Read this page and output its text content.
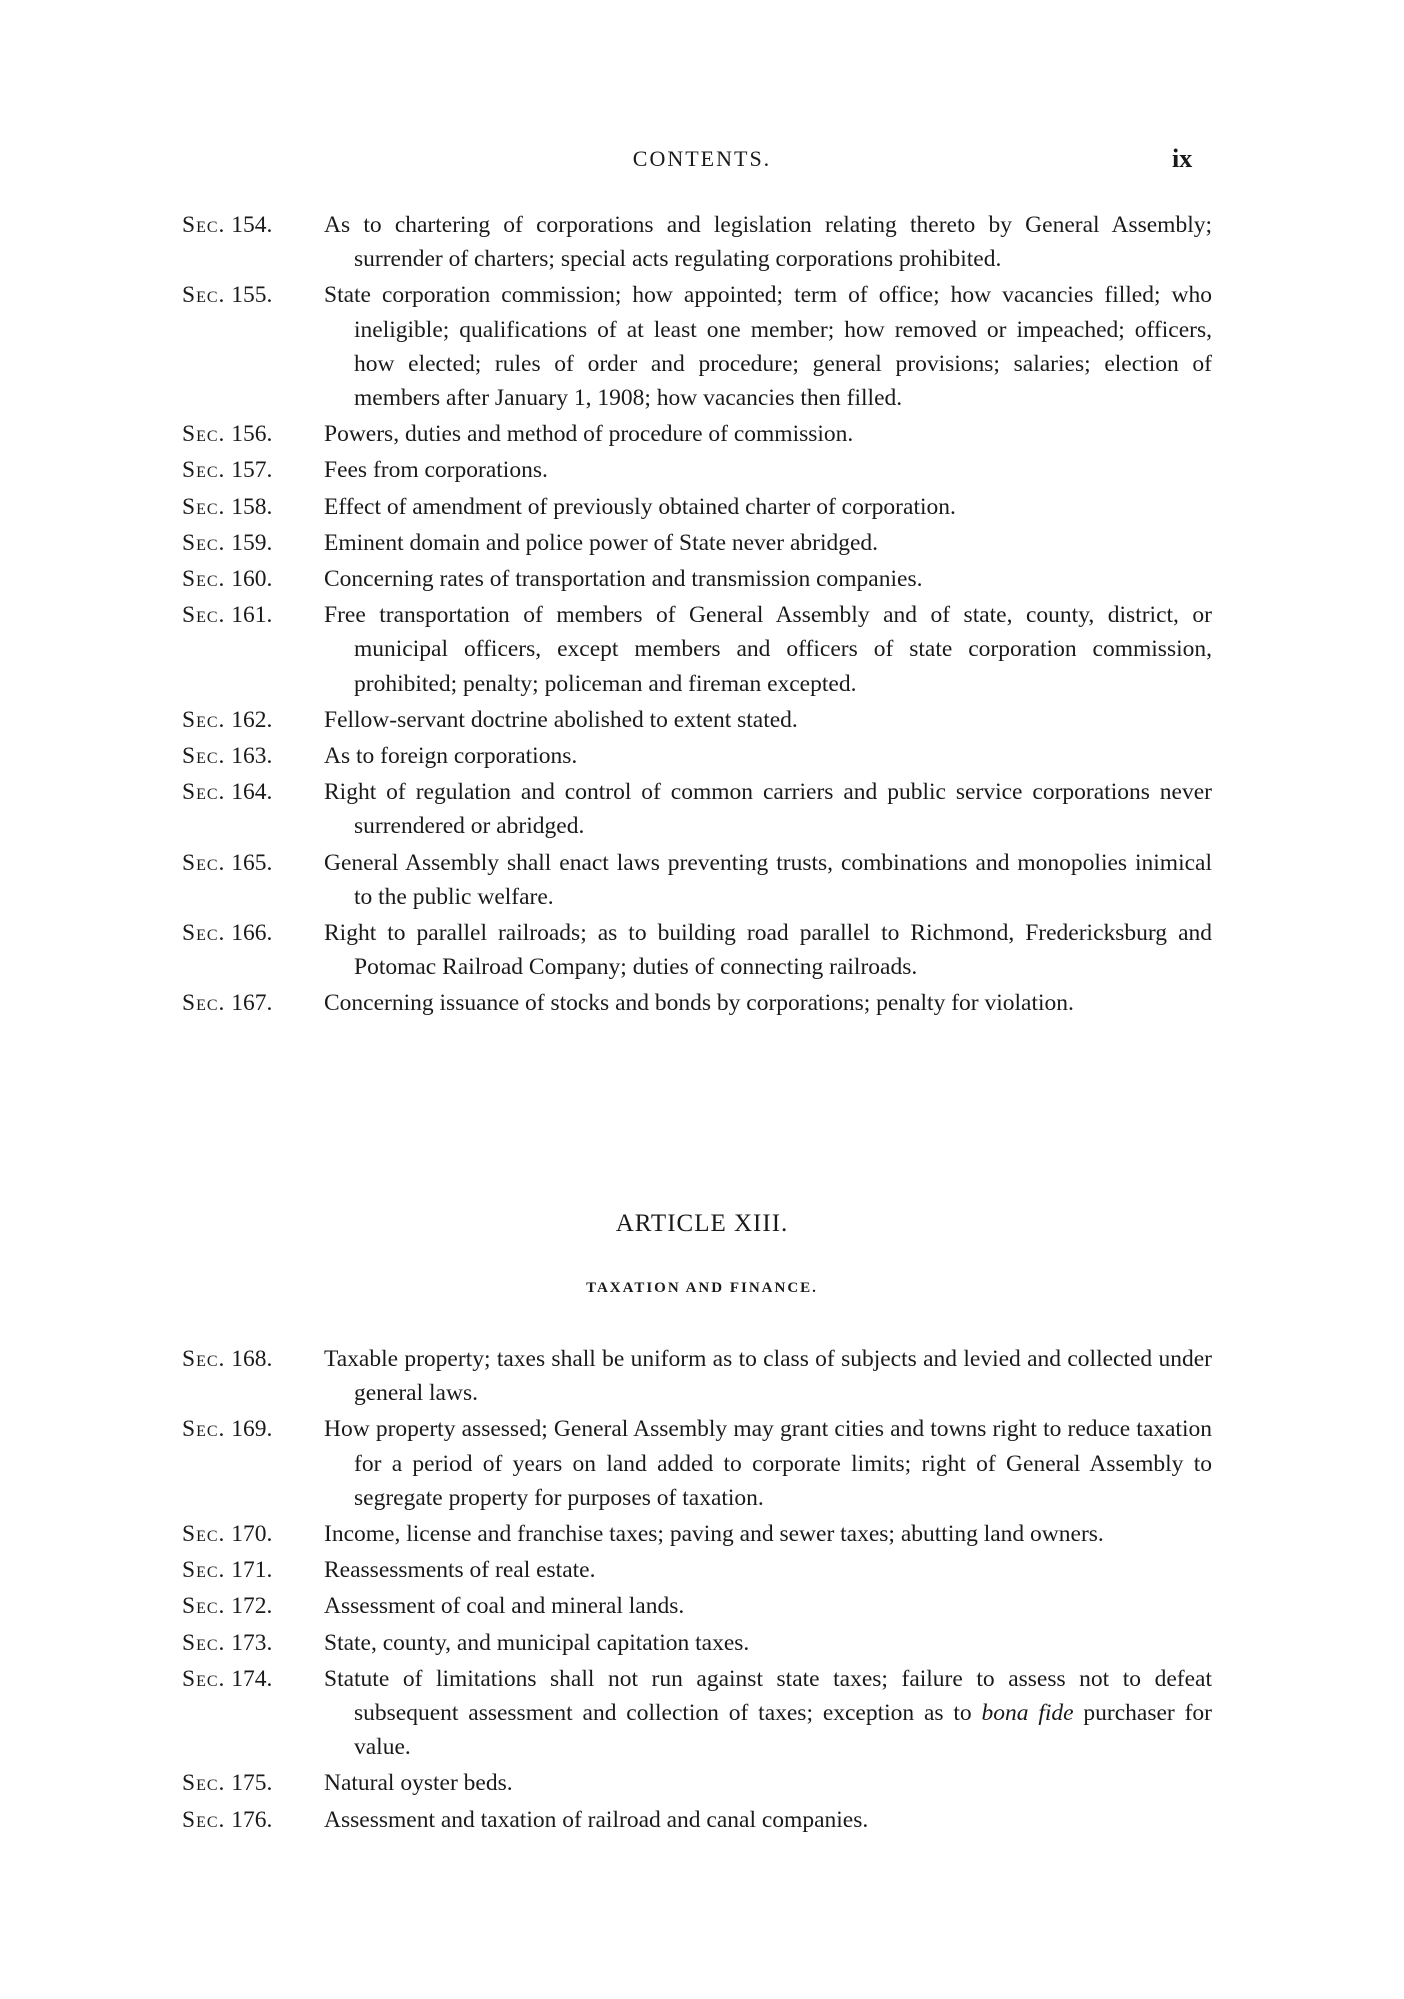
CONTENTS.	ix
Sec. 154.	As to chartering of corporations and legislation relating thereto by General Assembly; surrender of charters; special acts regulating corporations prohibited.
Sec. 155.	State corporation commission; how appointed; term of office; how vacancies filled; who ineligible; qualifications of at least one member; how removed or impeached; officers, how elected; rules of order and procedure; general provisions; salaries; election of members after January 1, 1908; how vacancies then filled.
Sec. 156.	Powers, duties and method of procedure of commission.
Sec. 157.	Fees from corporations.
Sec. 158.	Effect of amendment of previously obtained charter of corporation.
Sec. 159.	Eminent domain and police power of State never abridged.
Sec. 160.	Concerning rates of transportation and transmission companies.
Sec. 161.	Free transportation of members of General Assembly and of state, county, district, or municipal officers, except members and officers of state corporation commission, prohibited; penalty; policeman and fireman excepted.
Sec. 162.	Fellow-servant doctrine abolished to extent stated.
Sec. 163.	As to foreign corporations.
Sec. 164.	Right of regulation and control of common carriers and public service corporations never surrendered or abridged.
Sec. 165.	General Assembly shall enact laws preventing trusts, combinations and monopolies inimical to the public welfare.
Sec. 166.	Right to parallel railroads; as to building road parallel to Richmond, Fredericksburg and Potomac Railroad Company; duties of connecting railroads.
Sec. 167.	Concerning issuance of stocks and bonds by corporations; penalty for violation.
ARTICLE XIII.
TAXATION AND FINANCE.
Sec. 168.	Taxable property; taxes shall be uniform as to class of subjects and levied and collected under general laws.
Sec. 169.	How property assessed; General Assembly may grant cities and towns right to reduce taxation for a period of years on land added to corporate limits; right of General Assembly to segregate property for purposes of taxation.
Sec. 170.	Income, license and franchise taxes; paving and sewer taxes; abutting land owners.
Sec. 171.	Reassessments of real estate.
Sec. 172.	Assessment of coal and mineral lands.
Sec. 173.	State, county, and municipal capitation taxes.
Sec. 174.	Statute of limitations shall not run against state taxes; failure to assess not to defeat subsequent assessment and collection of taxes; exception as to bona fide purchaser for value.
Sec. 175.	Natural oyster beds.
Sec. 176.	Assessment and taxation of railroad and canal companies.
